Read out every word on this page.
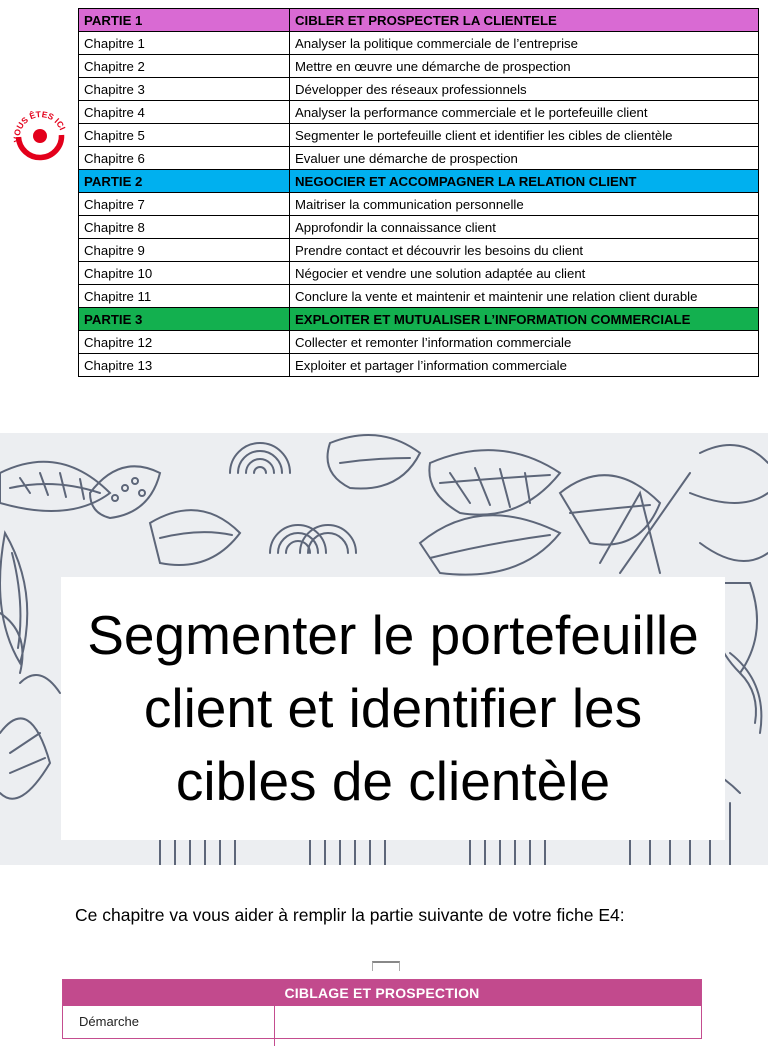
PARTIE 1	CIBLER ET PROSPECTER LA CLIENTELE
Chapitre 1	Analyser la politique commerciale de l’entreprise
Chapitre 2	Mettre en œuvre une démarche de prospection
Chapitre 3	Développer des réseaux professionnels
Chapitre 4	Analyser la performance commerciale et le portefeuille client
Chapitre 5	Segmenter le portefeuille client et identifier les cibles de clientèle
Chapitre 6	Evaluer une démarche de prospection
PARTIE 2	NEGOCIER ET ACCOMPAGNER LA RELATION CLIENT
Chapitre 7	Maitriser la communication personnelle
Chapitre 8	Approfondir la connaissance client
Chapitre 9	Prendre contact et découvrir les besoins du client
Chapitre 10	Négocier et vendre une solution adaptée au client
Chapitre 11	Conclure la vente et maintenir et maintenir une relation client durable
PARTIE 3	EXPLOITER ET MUTUALISER L’INFORMATION COMMERCIALE
Chapitre 12	Collecter et remonter l’information commerciale
Chapitre 13	Exploiter et partager l’information commerciale
VOUS ÊTES ICI
Segmenter le portefeuille client et identifier les cibles de clientèle
Ce chapitre va vous aider à remplir la partie suivante de votre fiche E4:
CIBLAGE ET PROSPECTION
Démarche
